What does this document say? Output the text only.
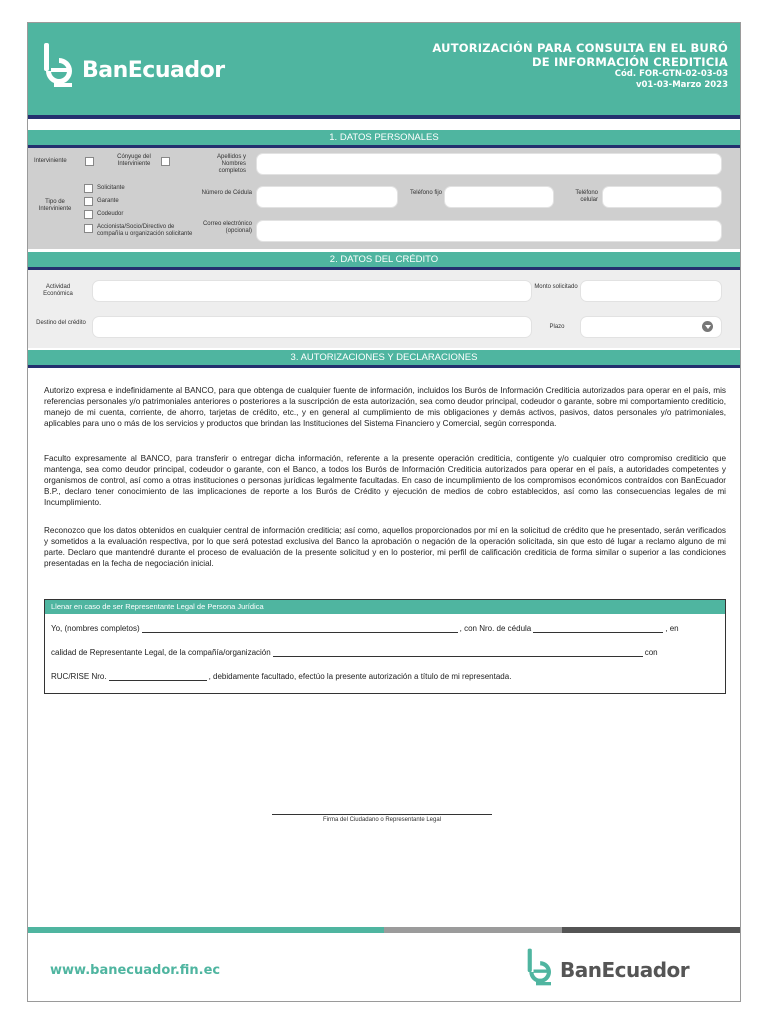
BanEcuador
AUTORIZACIÓN PARA CONSULTA EN EL BURÓ
DE INFORMACIÓN CREDITICIA
Cód. FOR-GTN-02-03-03
v01-03-Marzo 2023
1. DATOS PERSONALES
Interviniente
Cónyuge del Interviniente
Tipo de Interviniente
Solicitante
Garante
Codeudor
Accionista/Socio/Directivo de compañía u organización solicitante
Apellidos y Nombres completos
Número de Cédula	Teléfono fijo	Teléfono celular
Correo electrónico (opcional)
2. DATOS DEL CRÉDITO
Actividad Económica
Monto solicitado
Destino del crédito
Plazo
3. AUTORIZACIONES Y DECLARACIONES
Autorizo expresa e indefinidamente al BANCO, para que obtenga de cualquier fuente de información, incluidos los Burós de Información Crediticia autorizados para operar en el país, mis referencias personales y/o patrimoniales anteriores o posteriores a la suscripción de esta autorización, sea como deudor principal, codeudor o garante, sobre mi comportamiento crediticio, manejo de mi cuenta, corriente, de ahorro, tarjetas de crédito, etc., y en general al cumplimiento de mis obligaciones y demás activos, pasivos, datos personales y/o patrimoniales, aplicables para uno o más de los servicios y productos que brindan las Instituciones del Sistema Financiero y Comercial, según corresponda.
Faculto expresamente al BANCO, para transferir o entregar dicha información, referente a la presente operación crediticia, contigente y/o cualquier otro compromiso crediticio que mantenga, sea como deudor principal, codeudor o garante, con el Banco, a todos los Burós de Información Crediticia autorizados para operar en el país, a autoridades competentes y organismos de control, así como a otras instituciones o personas jurídicas legalmente facultadas. En caso de incumplimiento de los compromisos económicos contraídos con BanEcuador B.P., declaro tener conocimiento de las implicaciones de reporte a los Burós de Crédito y ejecución de medios de cobro establecidos, así como las consecuencias legales de mi Incumplimiento.
Reconozco que los datos obtenidos en cualquier central de información crediticia; así como, aquellos proporcionados por mí en la solicitud de crédito que he presentado, serán verificados y sometidos a la evaluación respectiva, por lo que será potestad exclusiva del Banco la aprobación o negación de la operación solicitada, sin que esto dé lugar a reclamo alguno de mi parte. Declaro que mantendré durante el proceso de evaluación de la presente solicitud y en lo posterior, mi perfil de calificación crediticia de forma similar o superior a las condiciones presentadas en la fecha de negociación inicial.
Llenar en caso de ser Representante Legal de Persona Jurídica
Yo, (nombres completos)	, con Nro. de cédula	, en
calidad de Representante Legal, de la compañía/organización	con
RUC/RISE Nro.	, debidamente facultado, efectúo la presente autorización a título de mi representada.
Firma del Ciudadano o Representante Legal
www.banecuador.fin.ec	BanEcuador
